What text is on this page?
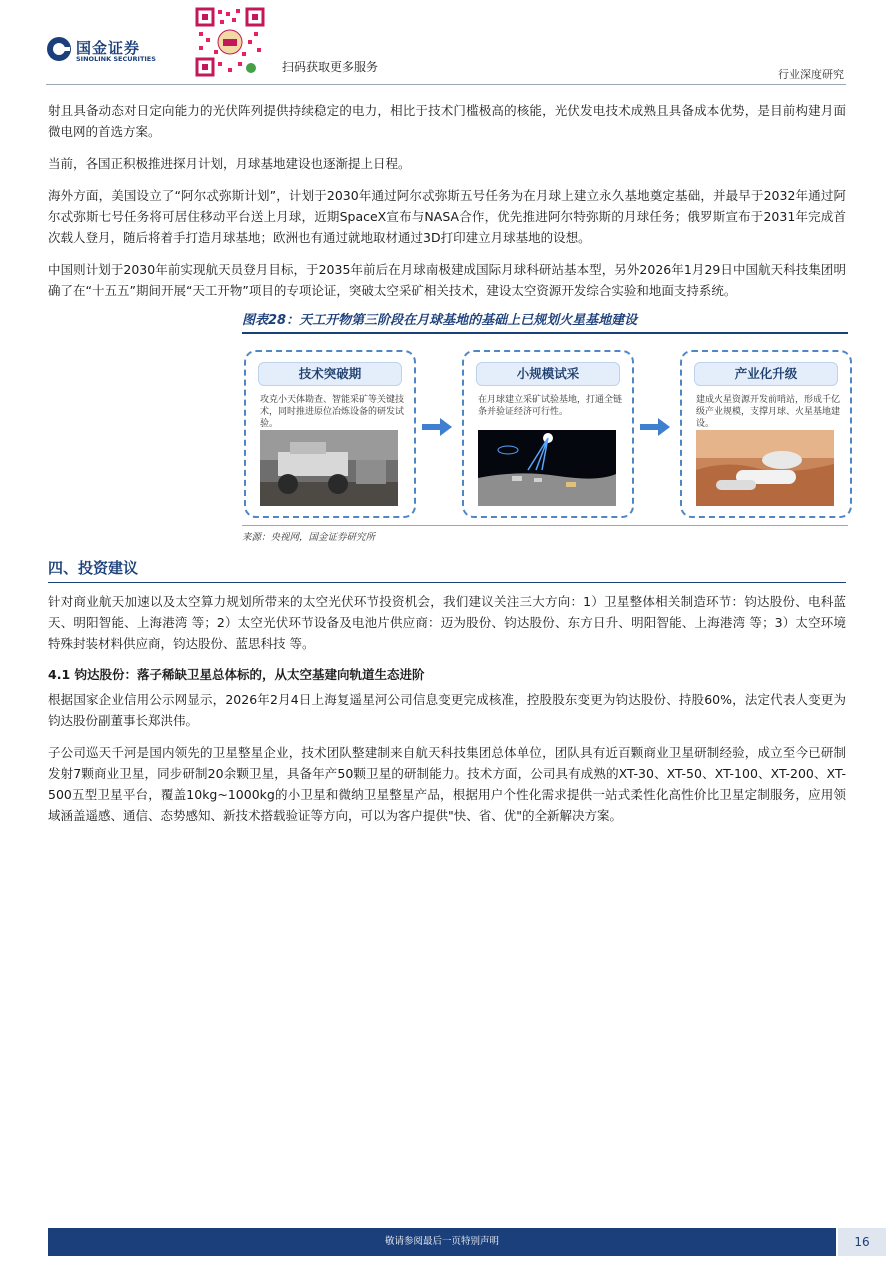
国金证券
SINOLINK SECURITIES
扫码获取更多服务
行业深度研究

射且具备动态对日定向能力的光伏阵列提供持续稳定的电力，相比于技术门槛极高的核能，光伏发电技术成熟且具备成本优势，是目前构建月面微电网的首选方案。

当前，各国正积极推进探月计划，月球基地建设也逐渐提上日程。

海外方面，美国设立了“阿尔忒弥斯计划”，计划于2030年通过阿尔忒弥斯五号任务为在月球上建立永久基地奠定基础，并最早于2032年通过阿尔忒弥斯七号任务将可居住移动平台送上月球，近期SpaceX宣布与NASA合作，优先推进阿尔特弥斯的月球任务；俄罗斯宣布于2031年完成首次载人登月，随后将着手打造月球基地；欧洲也有通过就地取材通过3D打印建立月球基地的设想。

中国则计划于2030年前实现航天员登月目标，于2035年前后在月球南极建成国际月球科研站基本型，另外2026年1月29日中国航天科技集团明确了在“十五五”期间开展“天工开物”项目的专项论证，突破太空采矿相关技术，建设太空资源开发综合实验和地面支持系统。

图表28：天工开物第三阶段在月球基地的基础上已规划火星基地建设
技术突破期
攻克小天体勘查、智能采矿等关键技术，同时推进原位冶炼设备的研发试验。
小规模试采
在月球建立采矿试验基地，打通全链条并验证经济可行性。
产业化升级
建成火星资源开发前哨站，形成千亿级产业规模，支撑月球、火星基地建设。
来源：央视网，国金证券研究所
四、投资建议

针对商业航天加速以及太空算力规划所带来的太空光伏环节投资机会，我们建议关注三大方向：1）卫星整体相关制造环节：钧达股份、电科蓝天、明阳智能、上海港湾 等；2）太空光伏环节设备及电池片供应商：迈为股份、钧达股份、东方日升、明阳智能、上海港湾 等；3）太空环境特殊封装材料供应商，钧达股份、蓝思科技 等。

4.1 钧达股份：落子稀缺卫星总体标的，从太空基建向轨道生态进阶

根据国家企业信用公示网显示，2026年2月4日上海复遥星河公司信息变更完成核准，控股股东变更为钧达股份、持股60%，法定代表人变更为钧达股份副董事长郑洪伟。

子公司巡天千河是国内领先的卫星整星企业，技术团队整建制来自航天科技集团总体单位，团队具有近百颗商业卫星研制经验，成立至今已研制发射7颗商业卫星，同步研制20余颗卫星，具备年产50颗卫星的研制能力。技术方面，公司具有成熟的XT-30、XT-50、XT-100、XT-200、XT-500五型卫星平台，覆盖10kg~1000kg的小卫星和微纳卫星整星产品，根据用户个性化需求提供一站式柔性化高性价比卫星定制服务，应用领域涵盖遥感、通信、态势感知、新技术搭载验证等方向，可以为客户提供"快、省、优"的全新解决方案。

敬请参阅最后一页特别声明	16
